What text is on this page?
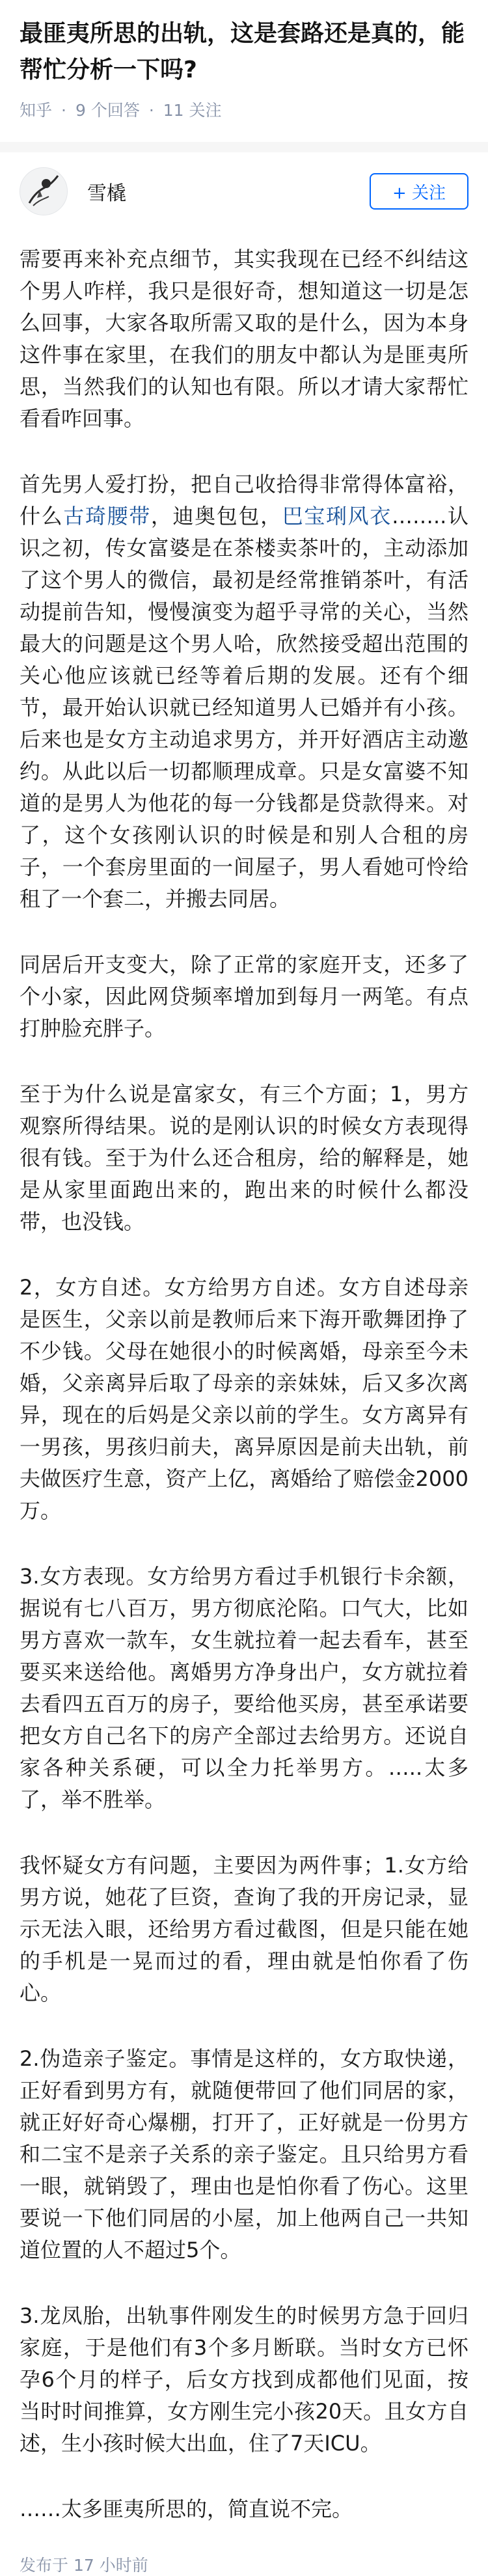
最匪夷所思的出轨，这是套路还是真的，能帮忙分析一下吗?
知乎 · 9 个回答 · 11 关注
雪橇	+ 关注

需要再来补充点细节，其实我现在已经不纠结这个男人咋样，我只是很好奇，想知道这一切是怎么回事，大家各取所需又取的是什么，因为本身这件事在家里，在我们的朋友中都认为是匪夷所思，当然我们的认知也有限。所以才请大家帮忙看看咋回事。

首先男人爱打扮，把自己收拾得非常得体富裕，什么古琦腰带，迪奥包包，巴宝琍风衣……..认识之初，传女富婆是在茶楼卖茶叶的，主动添加了这个男人的微信，最初是经常推销茶叶，有活动提前告知，慢慢演变为超乎寻常的关心，当然最大的问题是这个男人哈，欣然接受超出范围的关心他应该就已经等着后期的发展。还有个细节，最开始认识就已经知道男人已婚并有小孩。后来也是女方主动追求男方，并开好酒店主动邀约。从此以后一切都顺理成章。只是女富婆不知道的是男人为他花的每一分钱都是贷款得来。对了，这个女孩刚认识的时候是和别人合租的房子，一个套房里面的一间屋子，男人看她可怜给租了一个套二，并搬去同居。

同居后开支变大，除了正常的家庭开支，还多了个小家，因此网贷频率增加到每月一两笔。有点打肿脸充胖子。

至于为什么说是富家女，有三个方面；1，男方观察所得结果。说的是刚认识的时候女方表现得很有钱。至于为什么还合租房，给的解释是，她是从家里面跑出来的，跑出来的时候什么都没带，也没钱。

2，女方自述。女方给男方自述。女方自述母亲是医生，父亲以前是教师后来下海开歌舞团挣了不少钱。父母在她很小的时候离婚，母亲至今未婚，父亲离异后取了母亲的亲妹妹，后又多次离异，现在的后妈是父亲以前的学生。女方离异有一男孩，男孩归前夫，离异原因是前夫出轨，前夫做医疗生意，资产上亿，离婚给了赔偿金2000万。

3.女方表现。女方给男方看过手机银行卡余额，据说有七八百万，男方彻底沦陷。口气大，比如男方喜欢一款车，女生就拉着一起去看车，甚至要买来送给他。离婚男方净身出户，女方就拉着去看四五百万的房子，要给他买房，甚至承诺要把女方自己名下的房产全部过去给男方。还说自家各种关系硬，可以全力托举男方。…..太多了，举不胜举。

我怀疑女方有问题，主要因为两件事；1.女方给男方说，她花了巨资，查询了我的开房记录，显示无法入眼，还给男方看过截图，但是只能在她的手机是一晃而过的看，理由就是怕你看了伤心。

2.伪造亲子鉴定。事情是这样的，女方取快递，正好看到男方有，就随便带回了他们同居的家，就正好好奇心爆棚，打开了，正好就是一份男方和二宝不是亲子关系的亲子鉴定。且只给男方看一眼，就销毁了，理由也是怕你看了伤心。这里要说一下他们同居的小屋，加上他两自己一共知道位置的人不超过5个。

3.龙凤胎，出轨事件刚发生的时候男方急于回归家庭，于是他们有3个多月断联。当时女方已怀孕6个月的样子，后女方找到成都他们见面，按当时时间推算，女方刚生完小孩20天。且女方自述，生小孩时候大出血，住了7天ICU。

……太多匪夷所思的，简直说不完。

发布于 17 小时前
